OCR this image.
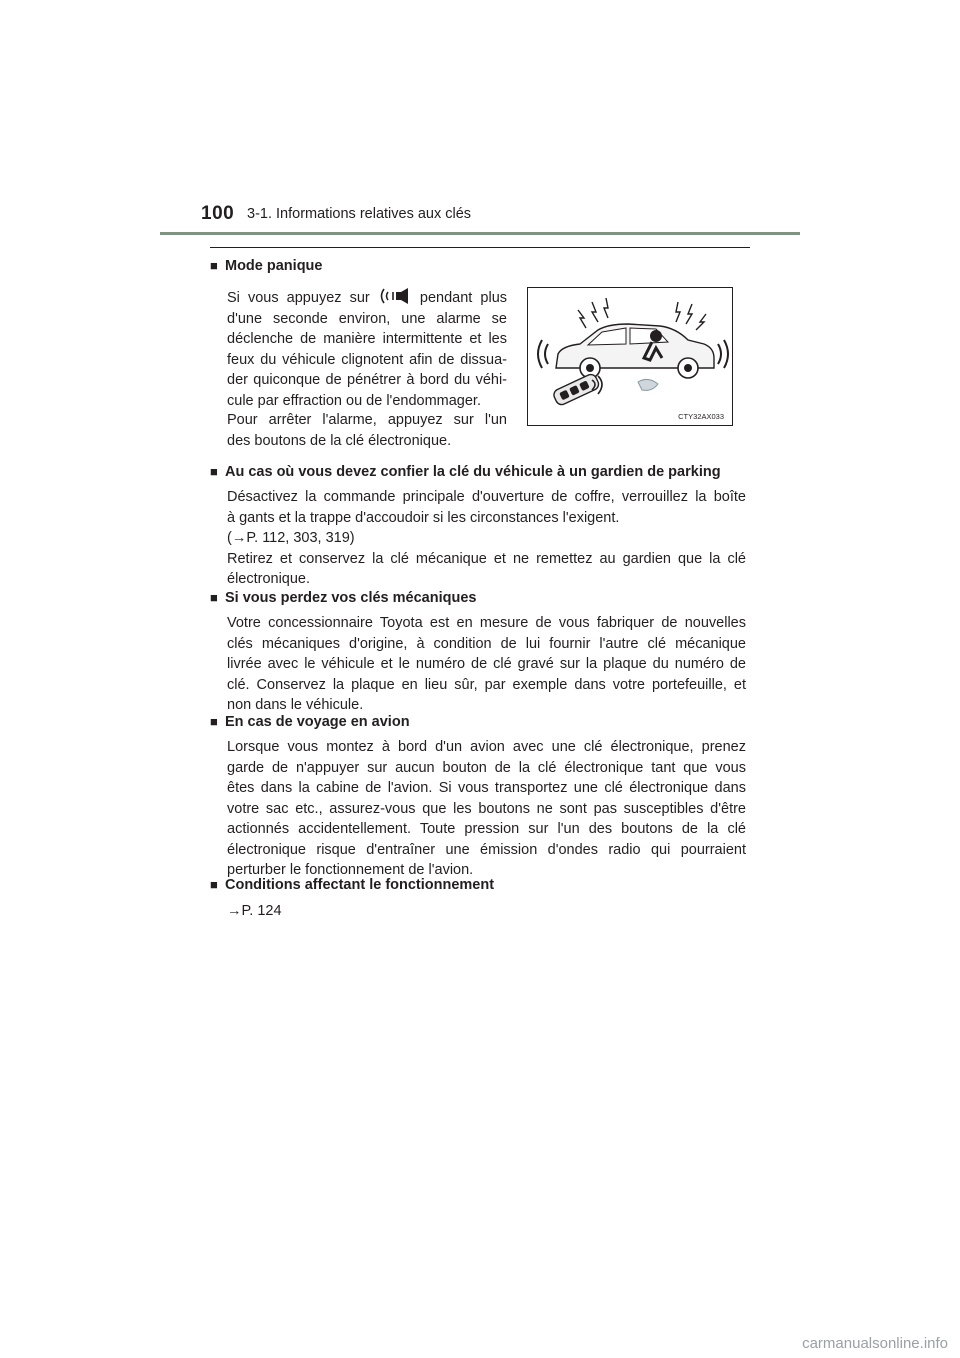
100 3-1. Informations relatives aux clés
■ Mode panique
Si vous appuyez sur	pendant plus
d'une seconde environ, une alarme se
déclenche de manière intermittente et les
feux du véhicule clignotent afin de dissua-
der quiconque de pénétrer à bord du véhi-
cule par effraction ou de l'endommager.
Pour arrêter l'alarme, appuyez sur l'un
des boutons de la clé électronique.
CTY32AX033
■ Au cas où vous devez confier la clé du véhicule à un gardien de parking
Désactivez la commande principale d'ouverture de coffre, verrouillez la boîte
à gants et la trappe d'accoudoir si les circonstances l'exigent.
(→P. 112, 303, 319)
Retirez et conservez la clé mécanique et ne remettez au gardien que la clé
électronique.
■ Si vous perdez vos clés mécaniques
Votre concessionnaire Toyota est en mesure de vous fabriquer de nouvelles
clés mécaniques d'origine, à condition de lui fournir l'autre clé mécanique
livrée avec le véhicule et le numéro de clé gravé sur la plaque du numéro de
clé. Conservez la plaque en lieu sûr, par exemple dans votre portefeuille, et
non dans le véhicule.
■ En cas de voyage en avion
Lorsque vous montez à bord d'un avion avec une clé électronique, prenez
garde de n'appuyer sur aucun bouton de la clé électronique tant que vous
êtes dans la cabine de l'avion. Si vous transportez une clé électronique dans
votre sac etc., assurez-vous que les boutons ne sont pas susceptibles d'être
actionnés accidentellement. Toute pression sur l'un des boutons de la clé
électronique risque d'entraîner une émission d'ondes radio qui pourraient
perturber le fonctionnement de l'avion.
■ Conditions affectant le fonctionnement
→P. 124
carmanualsonline.info
